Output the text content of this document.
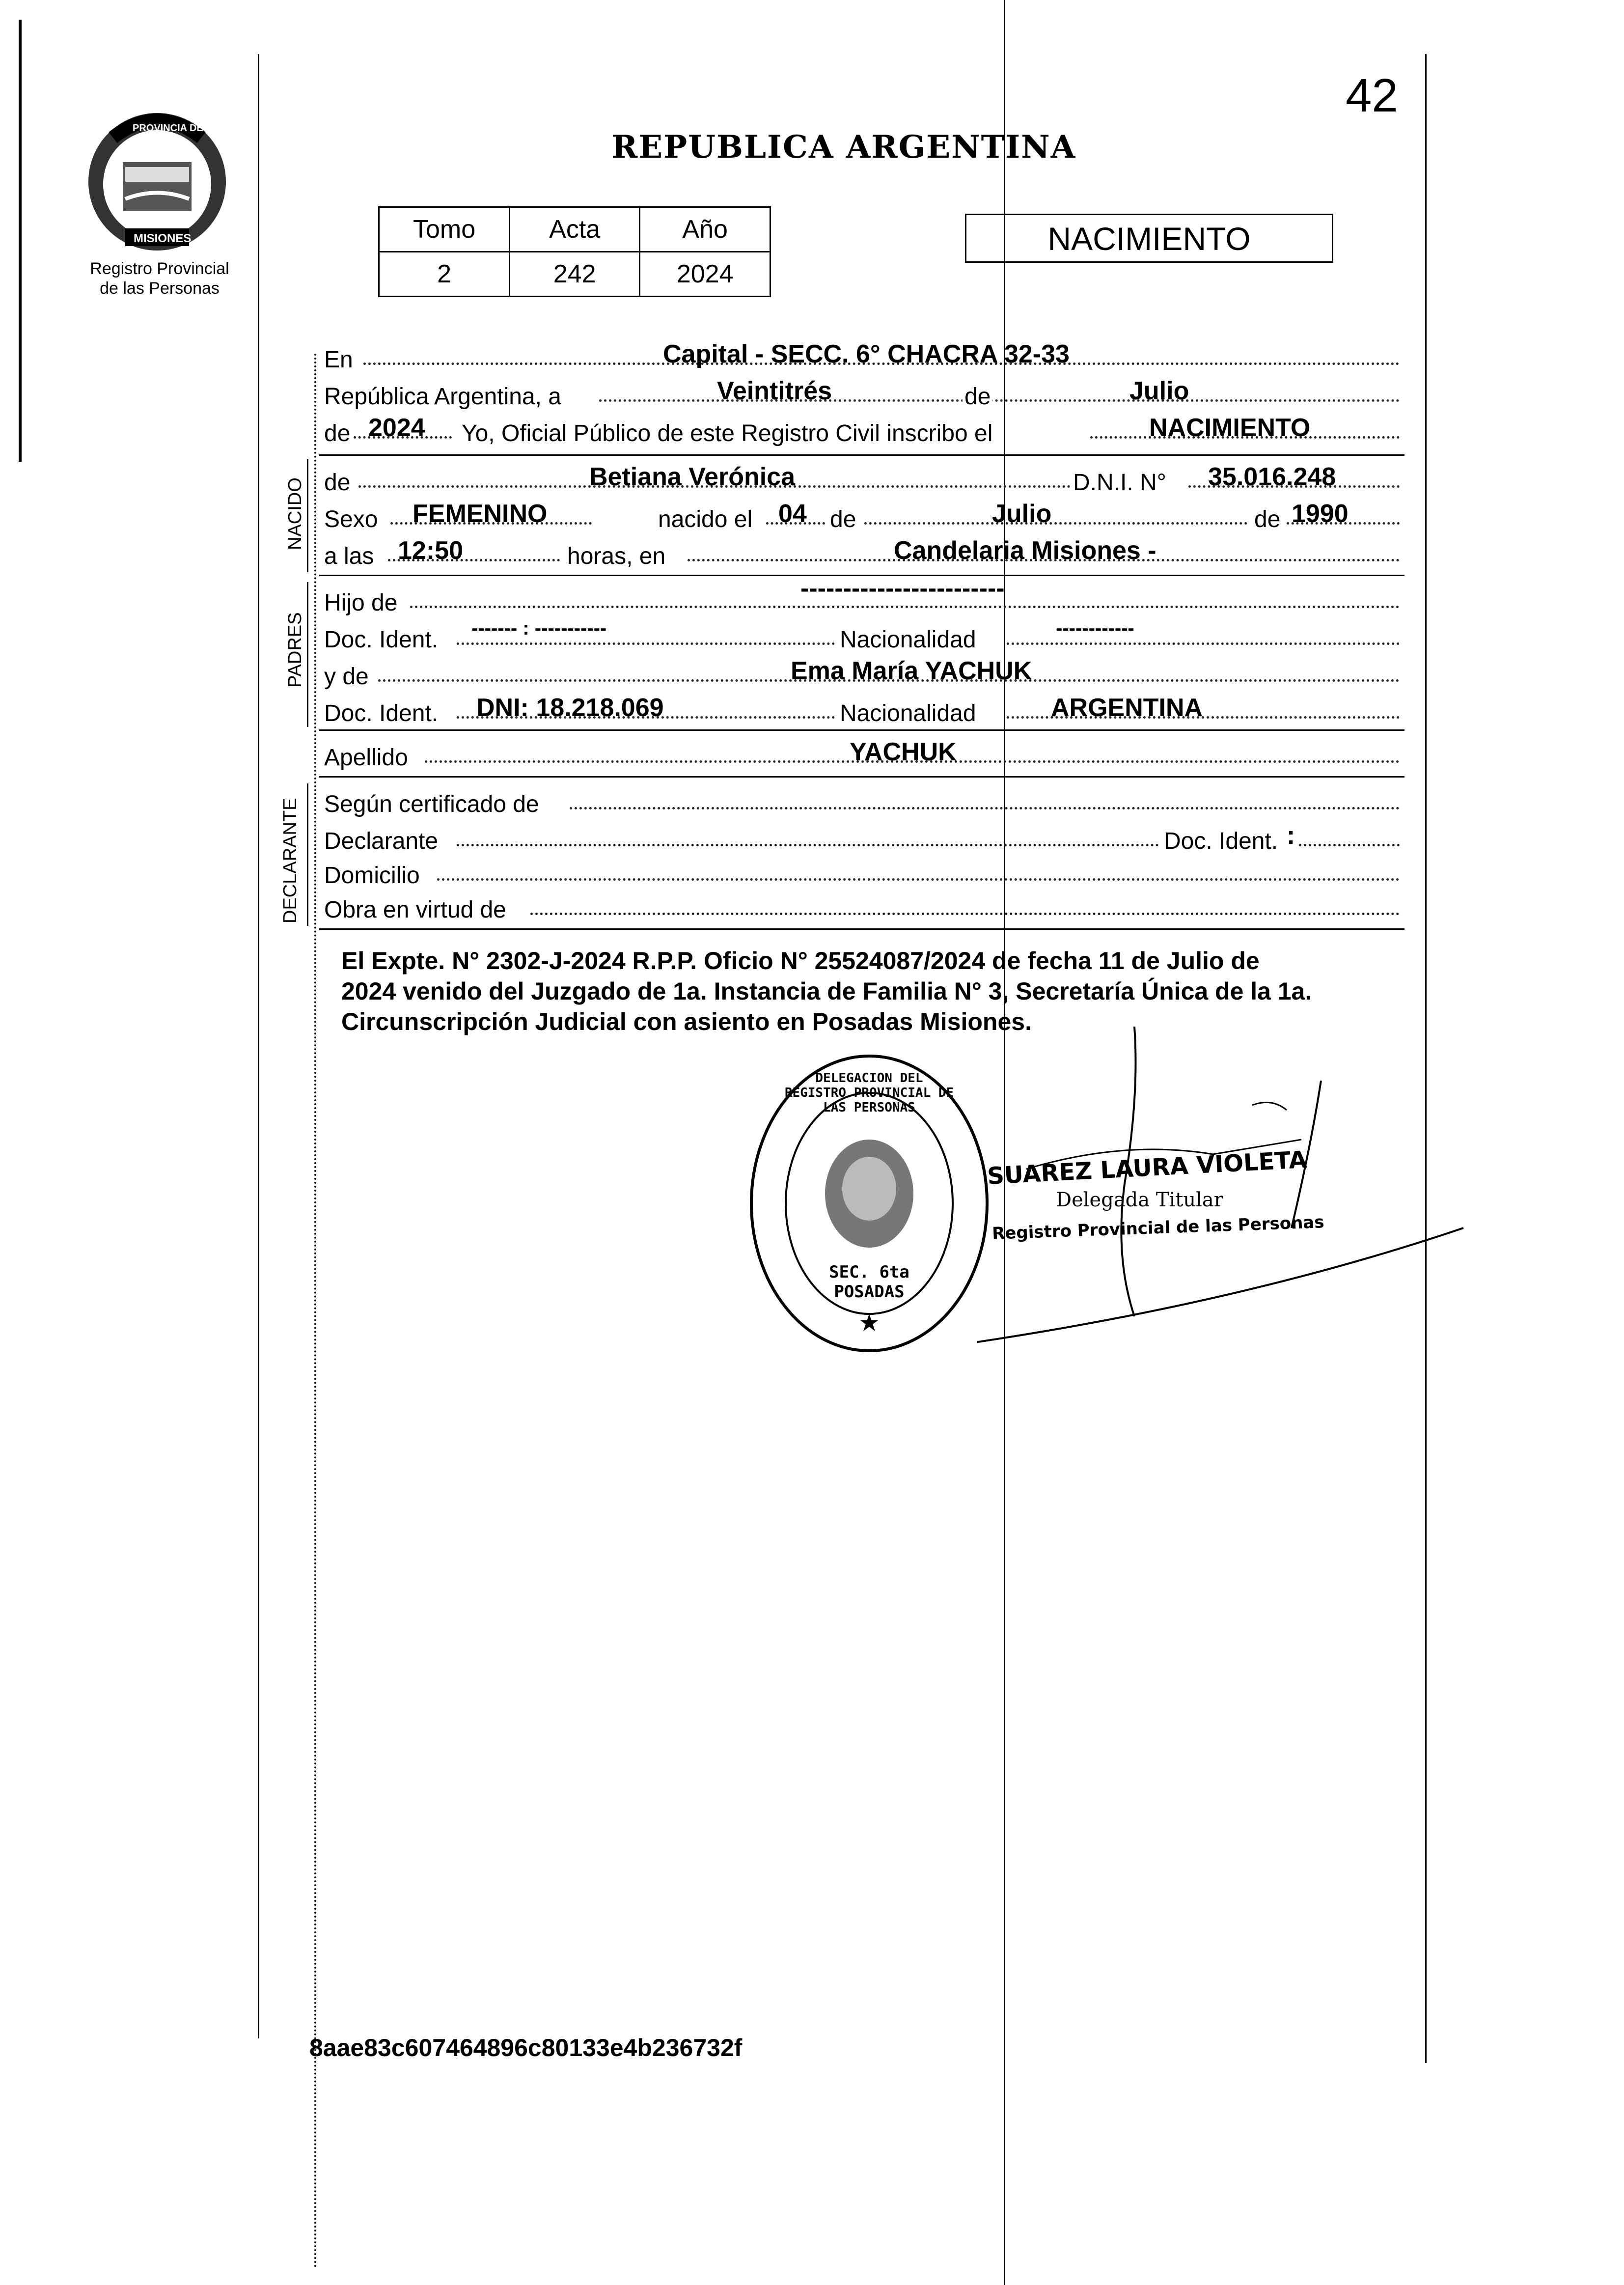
42
PROVINCIA DE
MISIONES
Registro Provincial
de las Personas
REPUBLICA ARGENTINA
Tomo	Acta	Año
2	242	2024
NACIMIENTO
En	Capital - SECC. 6° CHACRA 32-33
República Argentina, a	Veintitrés	de	Julio
de 2024 Yo, Oficial Público de este Registro Civil inscribo el	NACIMIENTO
de	Betiana Verónica	D.N.I. N° 35.016.248
Sexo FEMENINO	nacido el 04 de	Julio	de 1990
a las 12:50	horas, en	Candelaria Misiones -
Hijo de
------------------------
Doc. Ident. ------- : -----------	Nacionalidad	------------
y de	Ema María YACHUK
Doc. Ident. DNI: 18.218.069	Nacionalidad	ARGENTINA
Apellido	YACHUK
Según certificado de
Declarante	Doc. Ident. :
Domicilio
Obra en virtud de
NACIDO
PADRES
DECLARANTE
El Expte. N° 2302-J-2024 R.P.P. Oficio N° 25524087/2024 de fecha 11 de Julio de
2024 venido del Juzgado de 1a. Instancia de Familia N° 3, Secretaría Única de la 1a.
Circunscripción Judicial con asiento en Posadas Misiones.
DELEGACION DEL REGISTRO PROVINCIAL DE LAS PERSONAS
SEC. 6ta POSADAS
SUAREZ LAURA VIOLETA
Delegada Titular
Registro Provincial de las Personas
8aae83c607464896c80133e4b236732f
